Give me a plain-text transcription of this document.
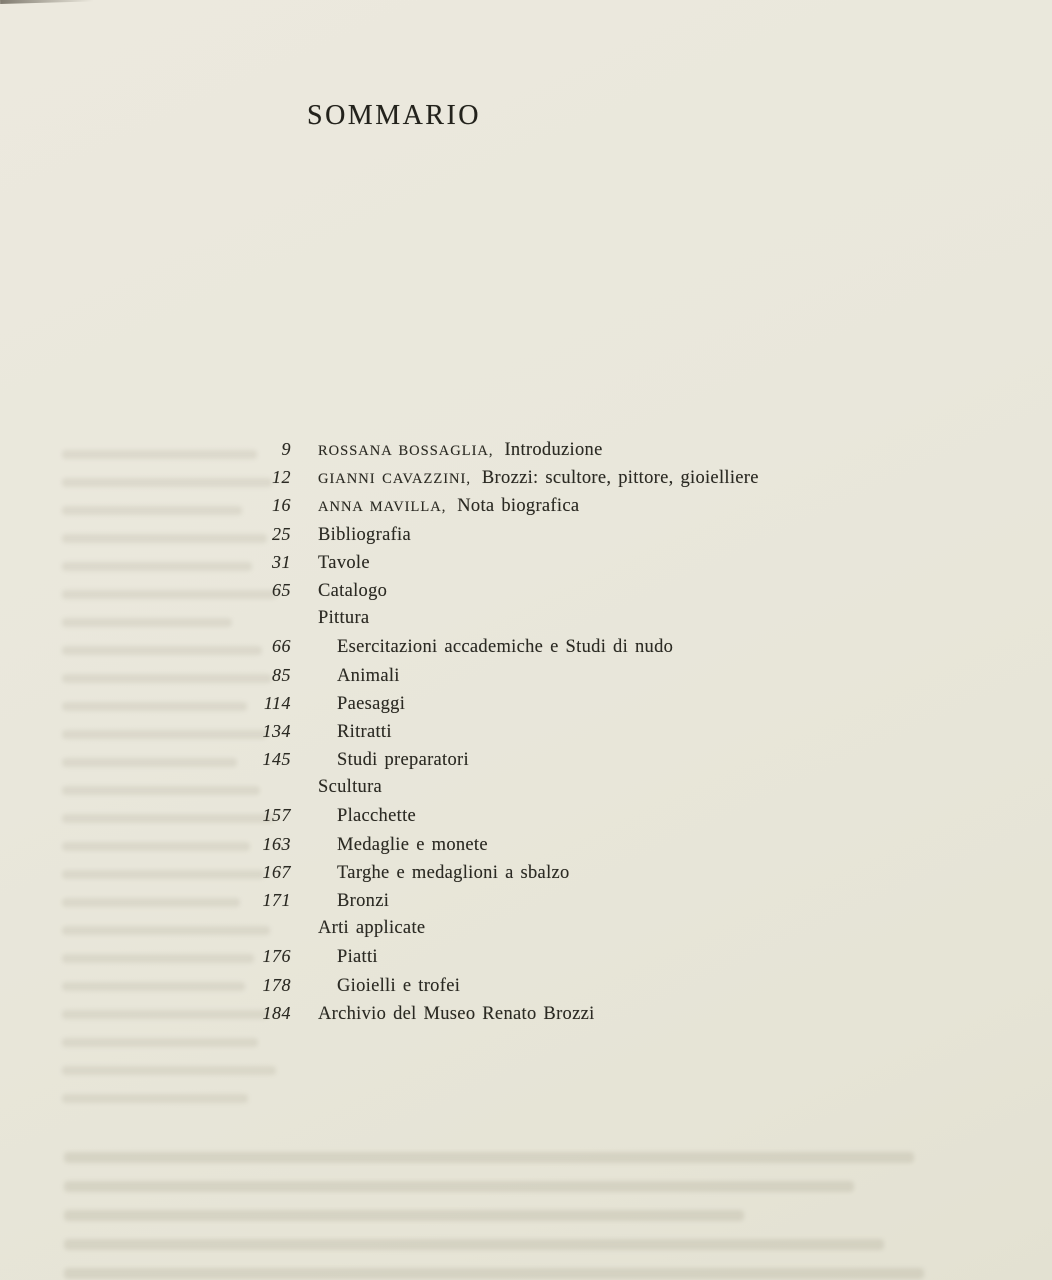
SOMMARIO
9 ROSSANA BOSSAGLIA, Introduzione
12 GIANNI CAVAZZINI, Brozzi: scultore, pittore, gioielliere
16 ANNA MAVILLA, Nota biografica
25 Bibliografia
31 Tavole
65 Catalogo
Pittura
66 Esercitazioni accademiche e Studi di nudo
85 Animali
114 Paesaggi
134 Ritratti
145 Studi preparatori
Scultura
157 Placchette
163 Medaglie e monete
167 Targhe e medaglioni a sbalzo
171 Bronzi
Arti applicate
176 Piatti
178 Gioielli e trofei
184 Archivio del Museo Renato Brozzi
